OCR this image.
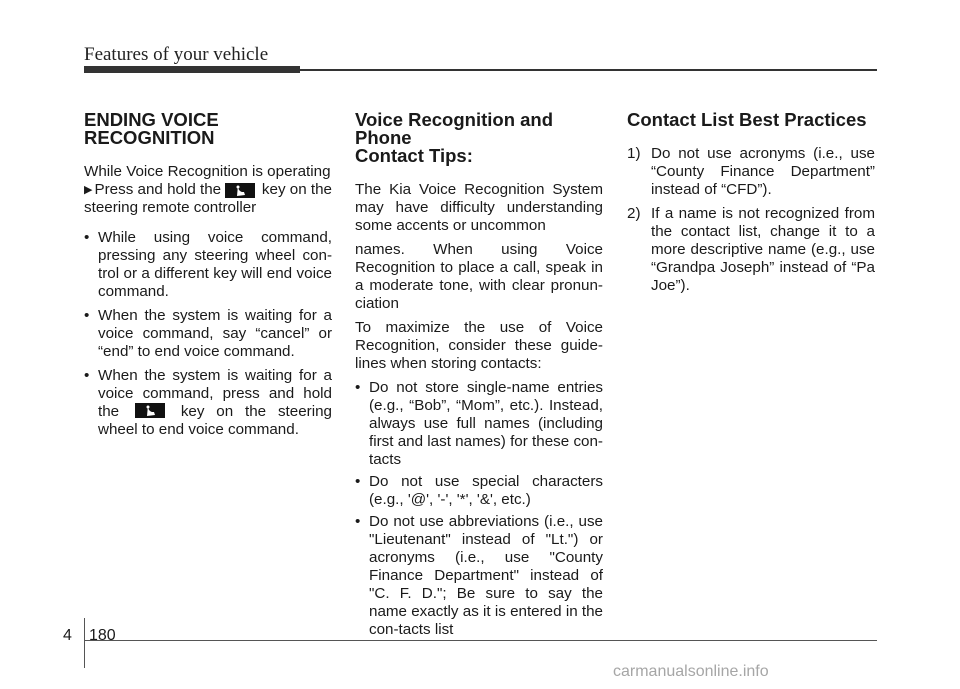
Features of your vehicle
ENDING VOICE
RECOGNITION

While Voice Recognition is operating

▶ Press and hold the	key on the

steering remote controller

• While using voice command, pressing any steering wheel con-trol or a different key will end voice command.
• When the system is waiting for a voice command, say “cancel” or “end” to end voice command.
• When the system is waiting for a voice command, press and hold the	key on the steering wheel to end voice command.
Voice Recognition and Phone
Contact Tips:

The Kia Voice Recognition System may have difficulty understanding some accents or uncommon

names. When using Voice Recognition to place a call, speak in a moderate tone, with clear pronun-ciation

To maximize the use of Voice Recognition, consider these guide-lines when storing contacts:

• Do not store single-name entries (e.g., “Bob”, “Mom”, etc.). Instead, always use full names (including first and last names) for these con-tacts
• Do not use special characters (e.g., '@', '-', '*', '&', etc.)
• Do not use abbreviations (i.e., use "Lieutenant" instead of "Lt.") or acronyms (i.e., use "County Finance Department" instead of "C. F. D."; Be sure to say the name exactly as it is entered in the con-tacts list
Contact List Best Practices
1) Do not use acronyms (i.e., use “County Finance Department” instead of “CFD”).
2) If a name is not recognized from the contact list, change it to a more descriptive name (e.g., use “Grandpa Joseph” instead of “Pa Joe”).
4 180
carmanualsonline.info
